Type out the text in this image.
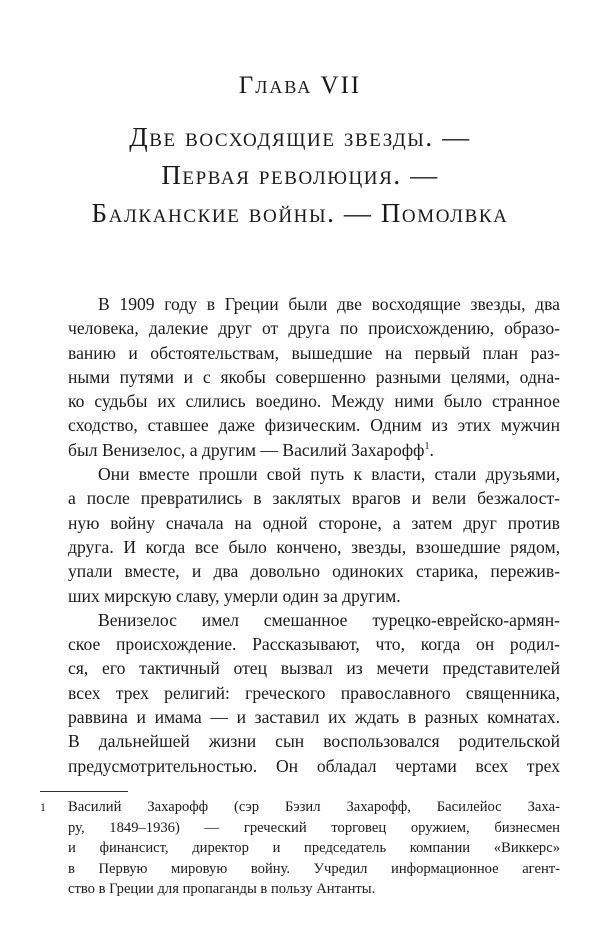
Глава VII
Две восходящие звезды. —
Первая революция. —
Балканские войны. — Помолвка

В 1909 году в Греции были две восходящие звезды, два
человека, далекие друг от друга по происхождению, образо-
ванию и обстоятельствам, вышедшие на первый план раз-
ными путями и с якобы совершенно разными целями, одна-
ко судьбы их слились воедино. Между ними было странное
сходство, ставшее даже физическим. Одним из этих мужчин
был Венизелос, а другим — Василий Захарофф$^1$.

Они вместе прошли свой путь к власти, стали друзьями,
а после превратились в заклятых врагов и вели безжалост-
ную войну сначала на одной стороне, а затем друг против
друга. И когда все было кончено, звезды, взошедшие рядом,
упали вместе, и два довольно одиноких старика, пережив-
ших мирскую славу, умерли один за другим.

Венизелос имел смешанное турецко-еврейско-армян-
ское происхождение. Рассказывают, что, когда он родил-
ся, его тактичный отец вызвал из мечети представителей
всех трех религий: греческого православного священника,
раввина и имама — и заставил их ждать в разных комнатах.
В дальнейшей жизни сын воспользовался родительской
предусмотрительностью. Он обладал чертами всех трех

1 Василий Захарофф (сэр Бэзил Захарофф, Басилейос Захa-
ру, 1849–1936) — греческий торговец оружием, бизнесмен
и финансист, директор и председатель компании «Виккерс»
в Первую мировую войну. Учредил информационное агент-
ство в Греции для пропаганды в пользу Антанты.
